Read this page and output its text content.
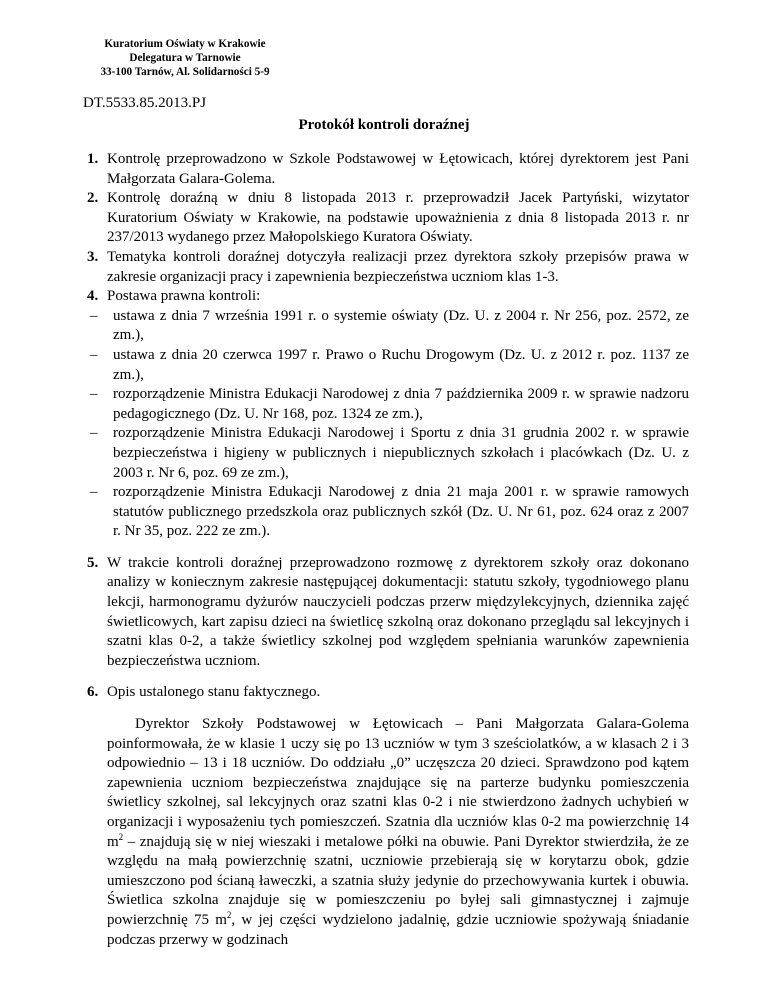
Kuratorium Oświaty w Krakowie
Delegatura w Tarnowie
33-100 Tarnów, Al. Solidarności 5-9
DT.5533.85.2013.PJ
Protokół kontroli doraźnej
1. Kontrolę przeprowadzono w Szkole Podstawowej w Łętowicach, której dyrektorem jest Pani Małgorzata Galara-Golema.
2. Kontrolę doraźną w dniu 8 listopada 2013 r. przeprowadził Jacek Partyński, wizytator Kuratorium Oświaty w Krakowie, na podstawie upoważnienia z dnia 8 listopada 2013 r. nr 237/2013 wydanego przez Małopolskiego Kuratora Oświaty.
3. Tematyka kontroli doraźnej dotyczyła realizacji przez dyrektora szkoły przepisów prawa w zakresie organizacji pracy i zapewnienia bezpieczeństwa uczniom klas 1-3.
4. Postawa prawna kontroli:
– ustawa z dnia 7 września 1991 r. o systemie oświaty (Dz. U. z 2004 r. Nr 256, poz. 2572, ze zm.),
– ustawa z dnia 20 czerwca 1997 r. Prawo o Ruchu Drogowym (Dz. U. z 2012 r. poz. 1137 ze zm.),
– rozporządzenie Ministra Edukacji Narodowej z dnia 7 października 2009 r. w sprawie nadzoru pedagogicznego (Dz. U. Nr 168, poz. 1324 ze zm.),
– rozporządzenie Ministra Edukacji Narodowej i Sportu z dnia 31 grudnia 2002 r. w sprawie bezpieczeństwa i higieny w publicznych i niepublicznych szkołach i placówkach (Dz. U. z 2003 r. Nr 6, poz. 69 ze zm.),
– rozporządzenie Ministra Edukacji Narodowej z dnia 21 maja 2001 r. w sprawie ramowych statutów publicznego przedszkola oraz publicznych szkół (Dz. U. Nr 61, poz. 624 oraz z 2007 r. Nr 35, poz. 222 ze zm.).
5. W trakcie kontroli doraźnej przeprowadzono rozmowę z dyrektorem szkoły oraz dokonano analizy w koniecznym zakresie następującej dokumentacji: statutu szkoły, tygodniowego planu lekcji, harmonogramu dyżurów nauczycieli podczas przerw międzylekcyjnych, dziennika zajęć świetlicowych, kart zapisu dzieci na świetlicę szkolną oraz dokonano przeglądu sal lekcyjnych i szatni klas 0-2, a także świetlicy szkolnej pod względem spełniania warunków zapewnienia bezpieczeństwa uczniom.
6. Opis ustalonego stanu faktycznego.

Dyrektor Szkoły Podstawowej w Łętowicach – Pani Małgorzata Galara-Golema poinformowała, że w klasie 1 uczy się po 13 uczniów w tym 3 sześciolatków, a w klasach 2 i 3 odpowiednio – 13 i 18 uczniów. Do oddziału „0” uczęszcza 20 dzieci. Sprawdzono pod kątem zapewnienia uczniom bezpieczeństwa znajdujące się na parterze budynku pomieszczenia świetlicy szkolnej, sal lekcyjnych oraz szatni klas 0-2 i nie stwierdzono żadnych uchybień w organizacji i wyposażeniu tych pomieszczeń. Szatnia dla uczniów klas 0-2 ma powierzchnię 14 $m^2$ – znajdują się w niej wieszaki i metalowe półki na obuwie. Pani Dyrektor stwierdziła, że ze względu na małą powierzchnię szatni, uczniowie przebierają się w korytarzu obok, gdzie umieszczono pod ścianą ławeczki, a szatnia służy jedynie do przechowywania kurtek i obuwia. Świetlica szkolna znajduje się w pomieszczeniu po byłej sali gimnastycznej i zajmuje powierzchnię 75 $m^2$, w jej części wydzielono jadalnię, gdzie uczniowie spożywają śniadanie podczas przerwy w godzinach
